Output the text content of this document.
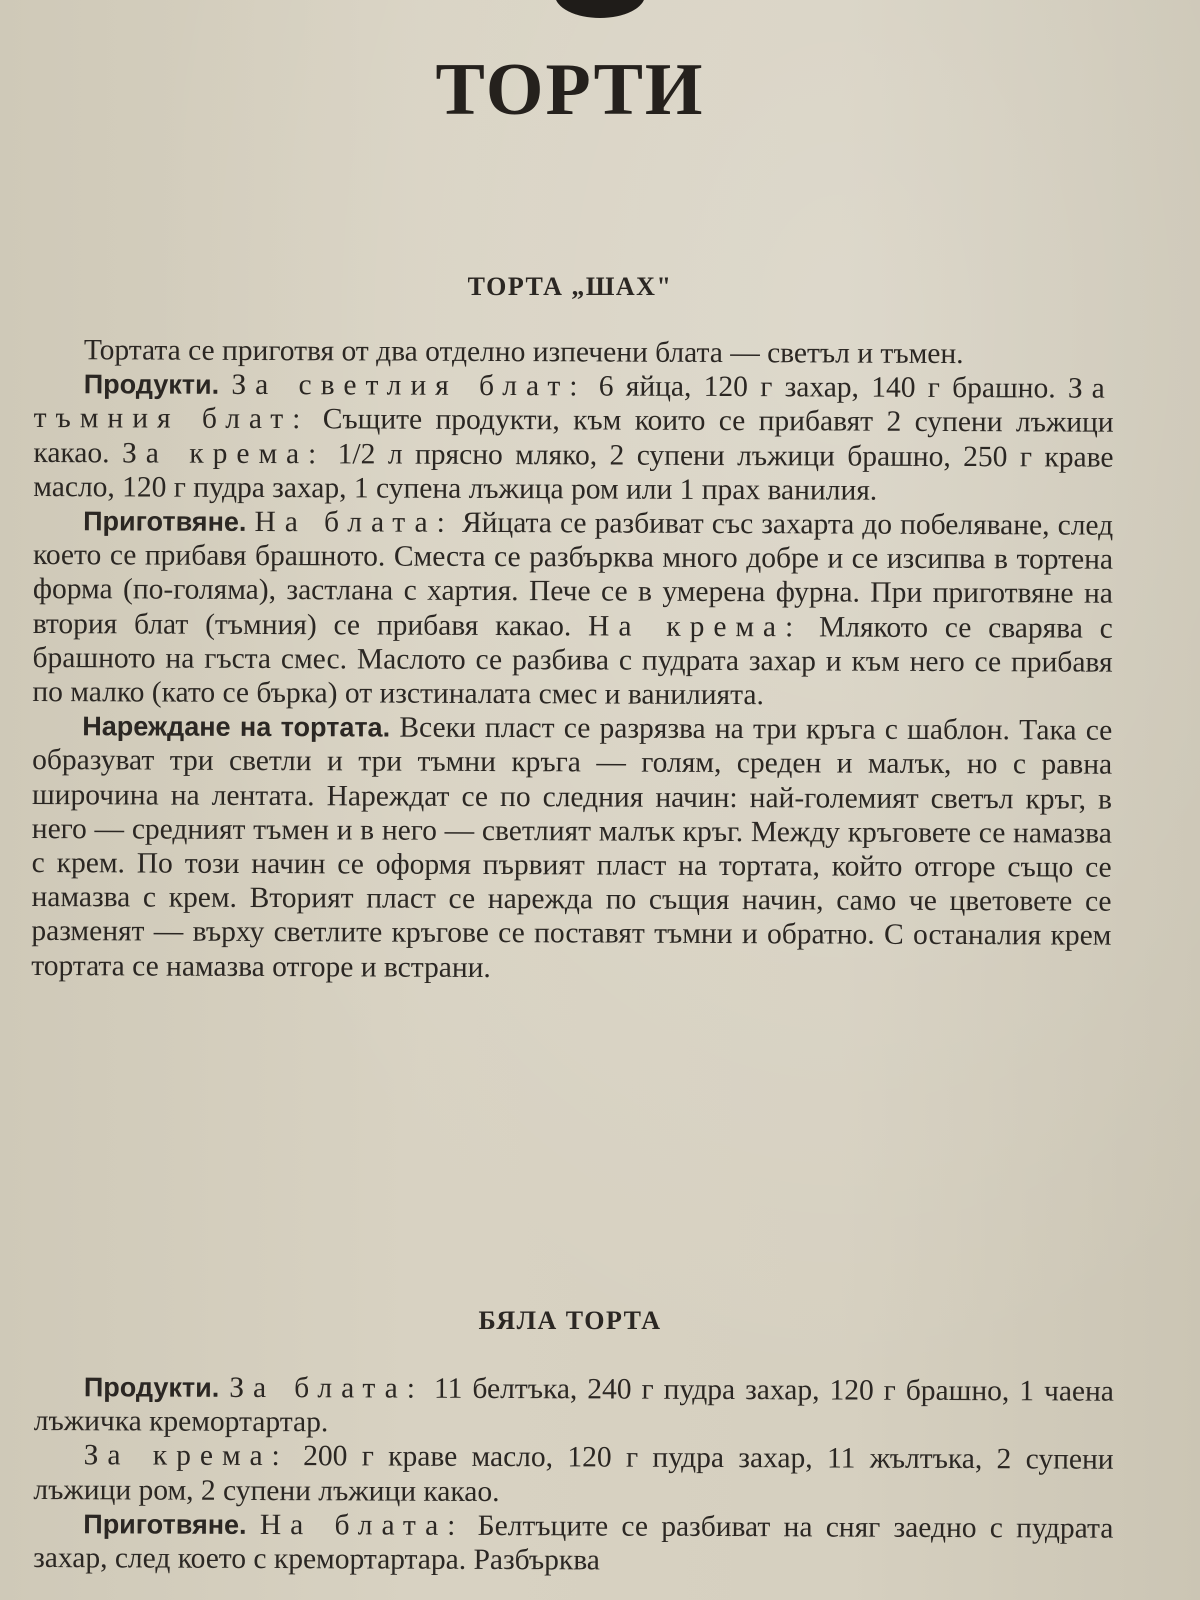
ТОРТИ
ТОРТА „ШАХ"

Тортата се приготвя от два отделно изпечени блата — светъл и тъмен.

Продукти. За светлия блат: 6 яйца, 120 г захар, 140 г брашно. За тъмния блат: Същите продукти, към които се прибавят 2 супени лъжици какао. За крема: 1/2 л прясно мляко, 2 супени лъжици брашно, 250 г краве масло, 120 г пудра захар, 1 супена лъжица ром или 1 прах ванилия.

Приготвяне. На блата: Яйцата се разбиват със захарта до побеляване, след което се прибавя брашното. Сместа се разбърква много добре и се изсипва в тортена форма (по-голяма), застлана с хартия. Пече се в умерена фурна. При приготвяне на втория блат (тъмния) се прибавя какао. На крема: Млякото се сварява с брашното на гъста смес. Маслото се разбива с пудрата захар и към него се прибавя по малко (като се бърка) от изстиналата смес и ванилията.

Нареждане на тортата. Всеки пласт се разрязва на три кръга с шаблон. Така се образуват три светли и три тъмни кръга — голям, среден и малък, но с равна широчина на лентата. Нареждат се по следния начин: най-големият светъл кръг, в него — средният тъмен и в него — светлият малък кръг. Между кръговете се намазва с крем. По този начин се оформя първият пласт на тортата, който отгоре също се намазва с крем. Вторият пласт се нарежда по същия начин, само че цветовете се разменят — върху светлите кръгове се поставят тъмни и обратно. С останалия крем тортата се намазва отгоре и встрани.

БЯЛА ТОРТА

Продукти. За блата: 11 белтъка, 240 г пудра захар, 120 г брашно, 1 чаена лъжичка кремортартар.

За крема: 200 г краве масло, 120 г пудра захар, 11 жълтъка, 2 супени лъжици ром, 2 супени лъжици какао.

Приготвяне. На блата: Белтъците се разбиват на сняг заедно с пудрата захар, след което с кремортартара. Разбърква
